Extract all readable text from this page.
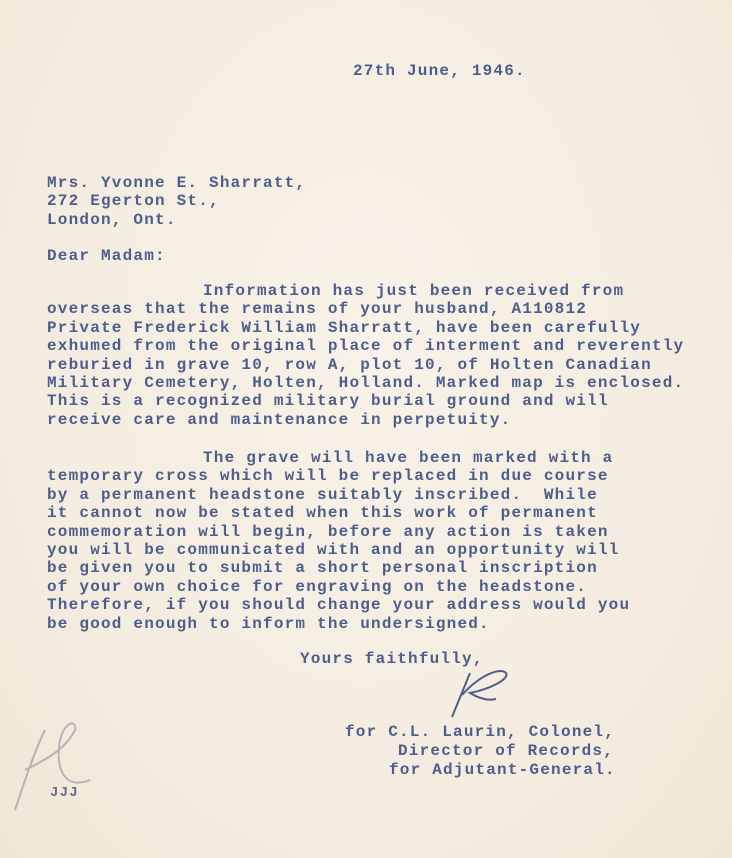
27th June, 1946.
Mrs. Yvonne E. Sharratt,
272 Egerton St.,
London, Ont.
Dear Madam:
Information has just been received from
overseas that the remains of your husband, A110812
Private Frederick William Sharratt, have been carefully
exhumed from the original place of interment and reverently
reburied in grave 10, row A, plot 10, of Holten Canadian
Military Cemetery, Holten, Holland. Marked map is enclosed.
This is a recognized military burial ground and will
receive care and maintenance in perpetuity.
The grave will have been marked with a
temporary cross which will be replaced in due course
by a permanent headstone suitably inscribed.  While
it cannot now be stated when this work of permanent
commemoration will begin, before any action is taken
you will be communicated with and an opportunity will
be given you to submit a short personal inscription
of your own choice for engraving on the headstone.
Therefore, if you should change your address would you
be good enough to inform the undersigned.
Yours faithfully,
for C.L. Laurin, Colonel,
Director of Records,
for Adjutant-General.
JJJ
